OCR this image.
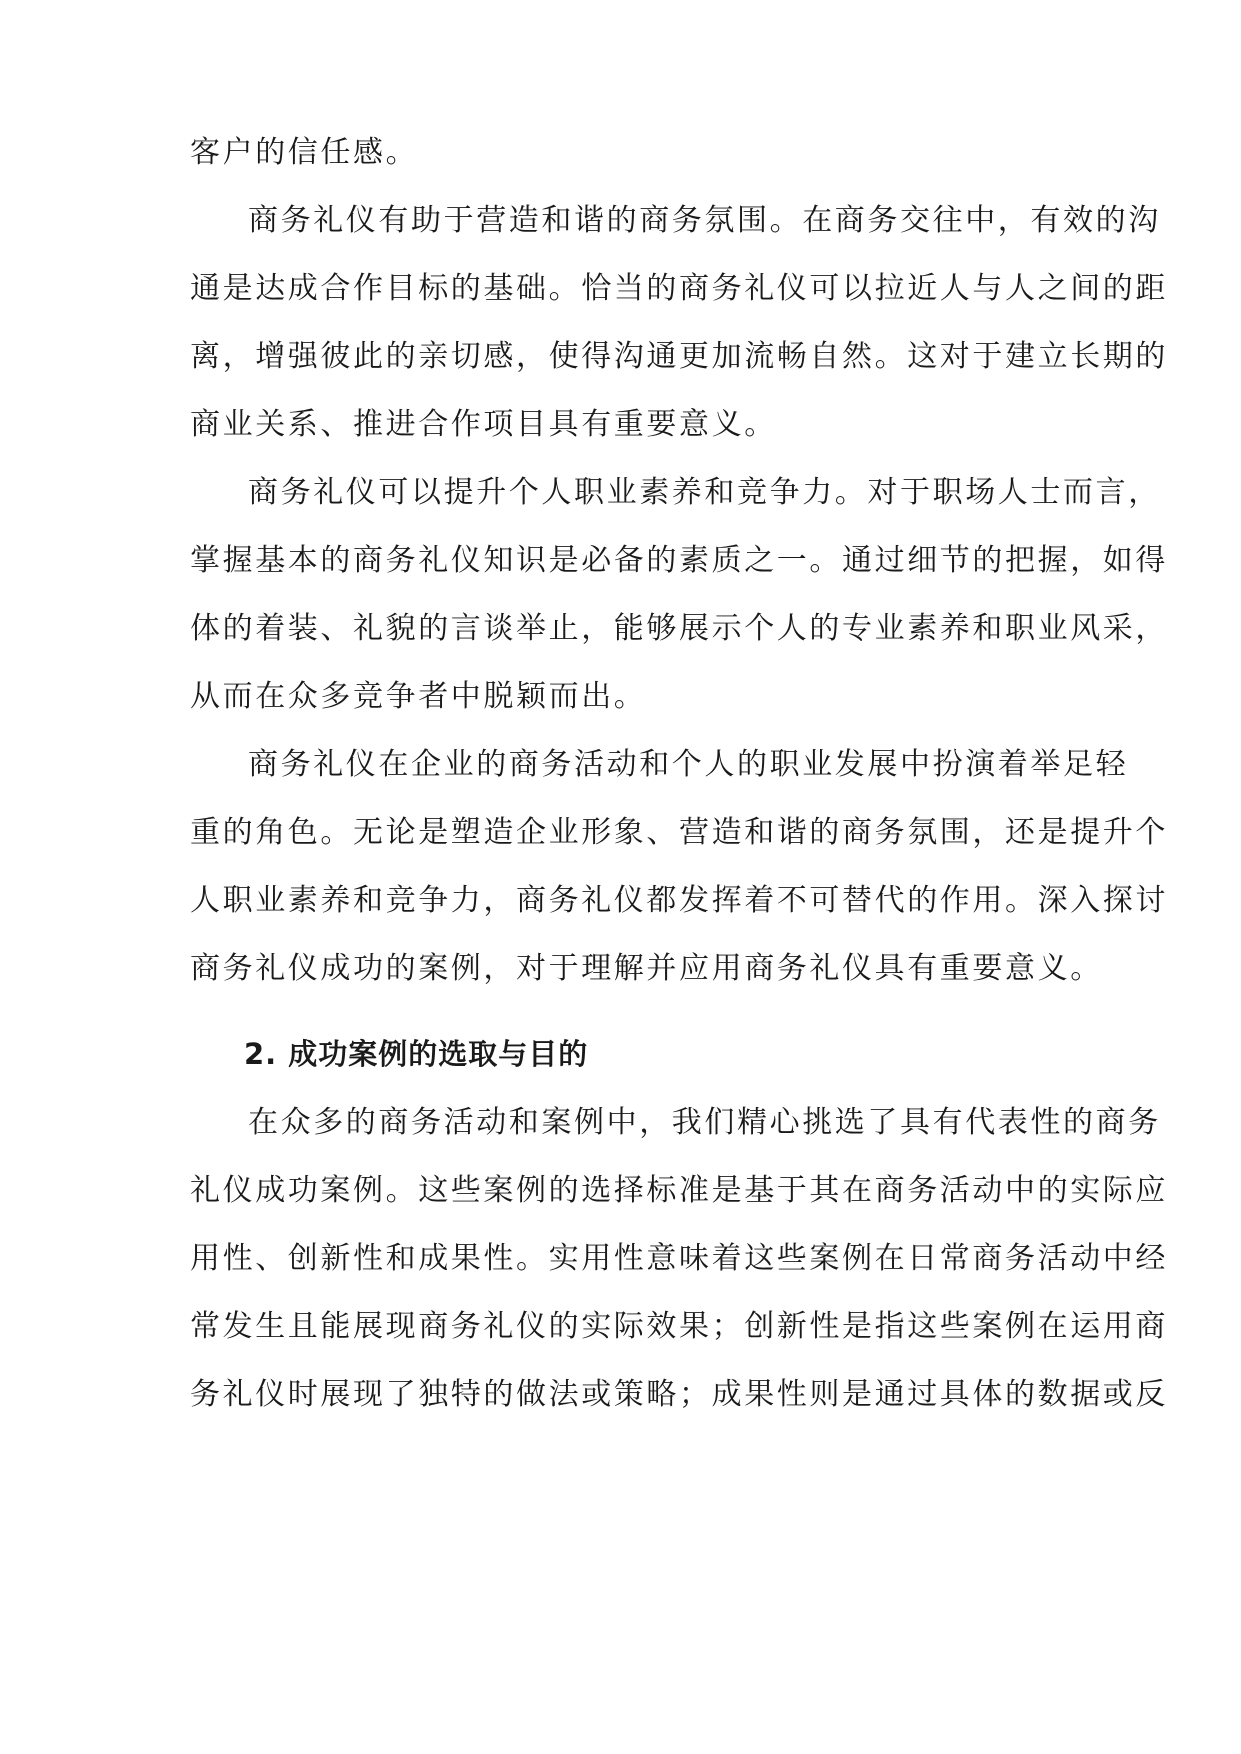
客户的信任感。

商务礼仪有助于营造和谐的商务氛围。在商务交往中，有效的沟

通是达成合作目标的基础。恰当的商务礼仪可以拉近人与人之间的距

离，增强彼此的亲切感，使得沟通更加流畅自然。这对于建立长期的

商业关系、推进合作项目具有重要意义。

商务礼仪可以提升个人职业素养和竞争力。对于职场人士而言，

掌握基本的商务礼仪知识是必备的素质之一。通过细节的把握，如得

体的着装、礼貌的言谈举止，能够展示个人的专业素养和职业风采，

从而在众多竞争者中脱颖而出。

商务礼仪在企业的商务活动和个人的职业发展中扮演着举足轻

重的角色。无论是塑造企业形象、营造和谐的商务氛围，还是提升个

人职业素养和竞争力，商务礼仪都发挥着不可替代的作用。深入探讨

商务礼仪成功的案例，对于理解并应用商务礼仪具有重要意义。

2. 成功案例的选取与目的

在众多的商务活动和案例中，我们精心挑选了具有代表性的商务

礼仪成功案例。这些案例的选择标准是基于其在商务活动中的实际应

用性、创新性和成果性。实用性意味着这些案例在日常商务活动中经

常发生且能展现商务礼仪的实际效果；创新性是指这些案例在运用商

务礼仪时展现了独特的做法或策略；成果性则是通过具体的数据或反
